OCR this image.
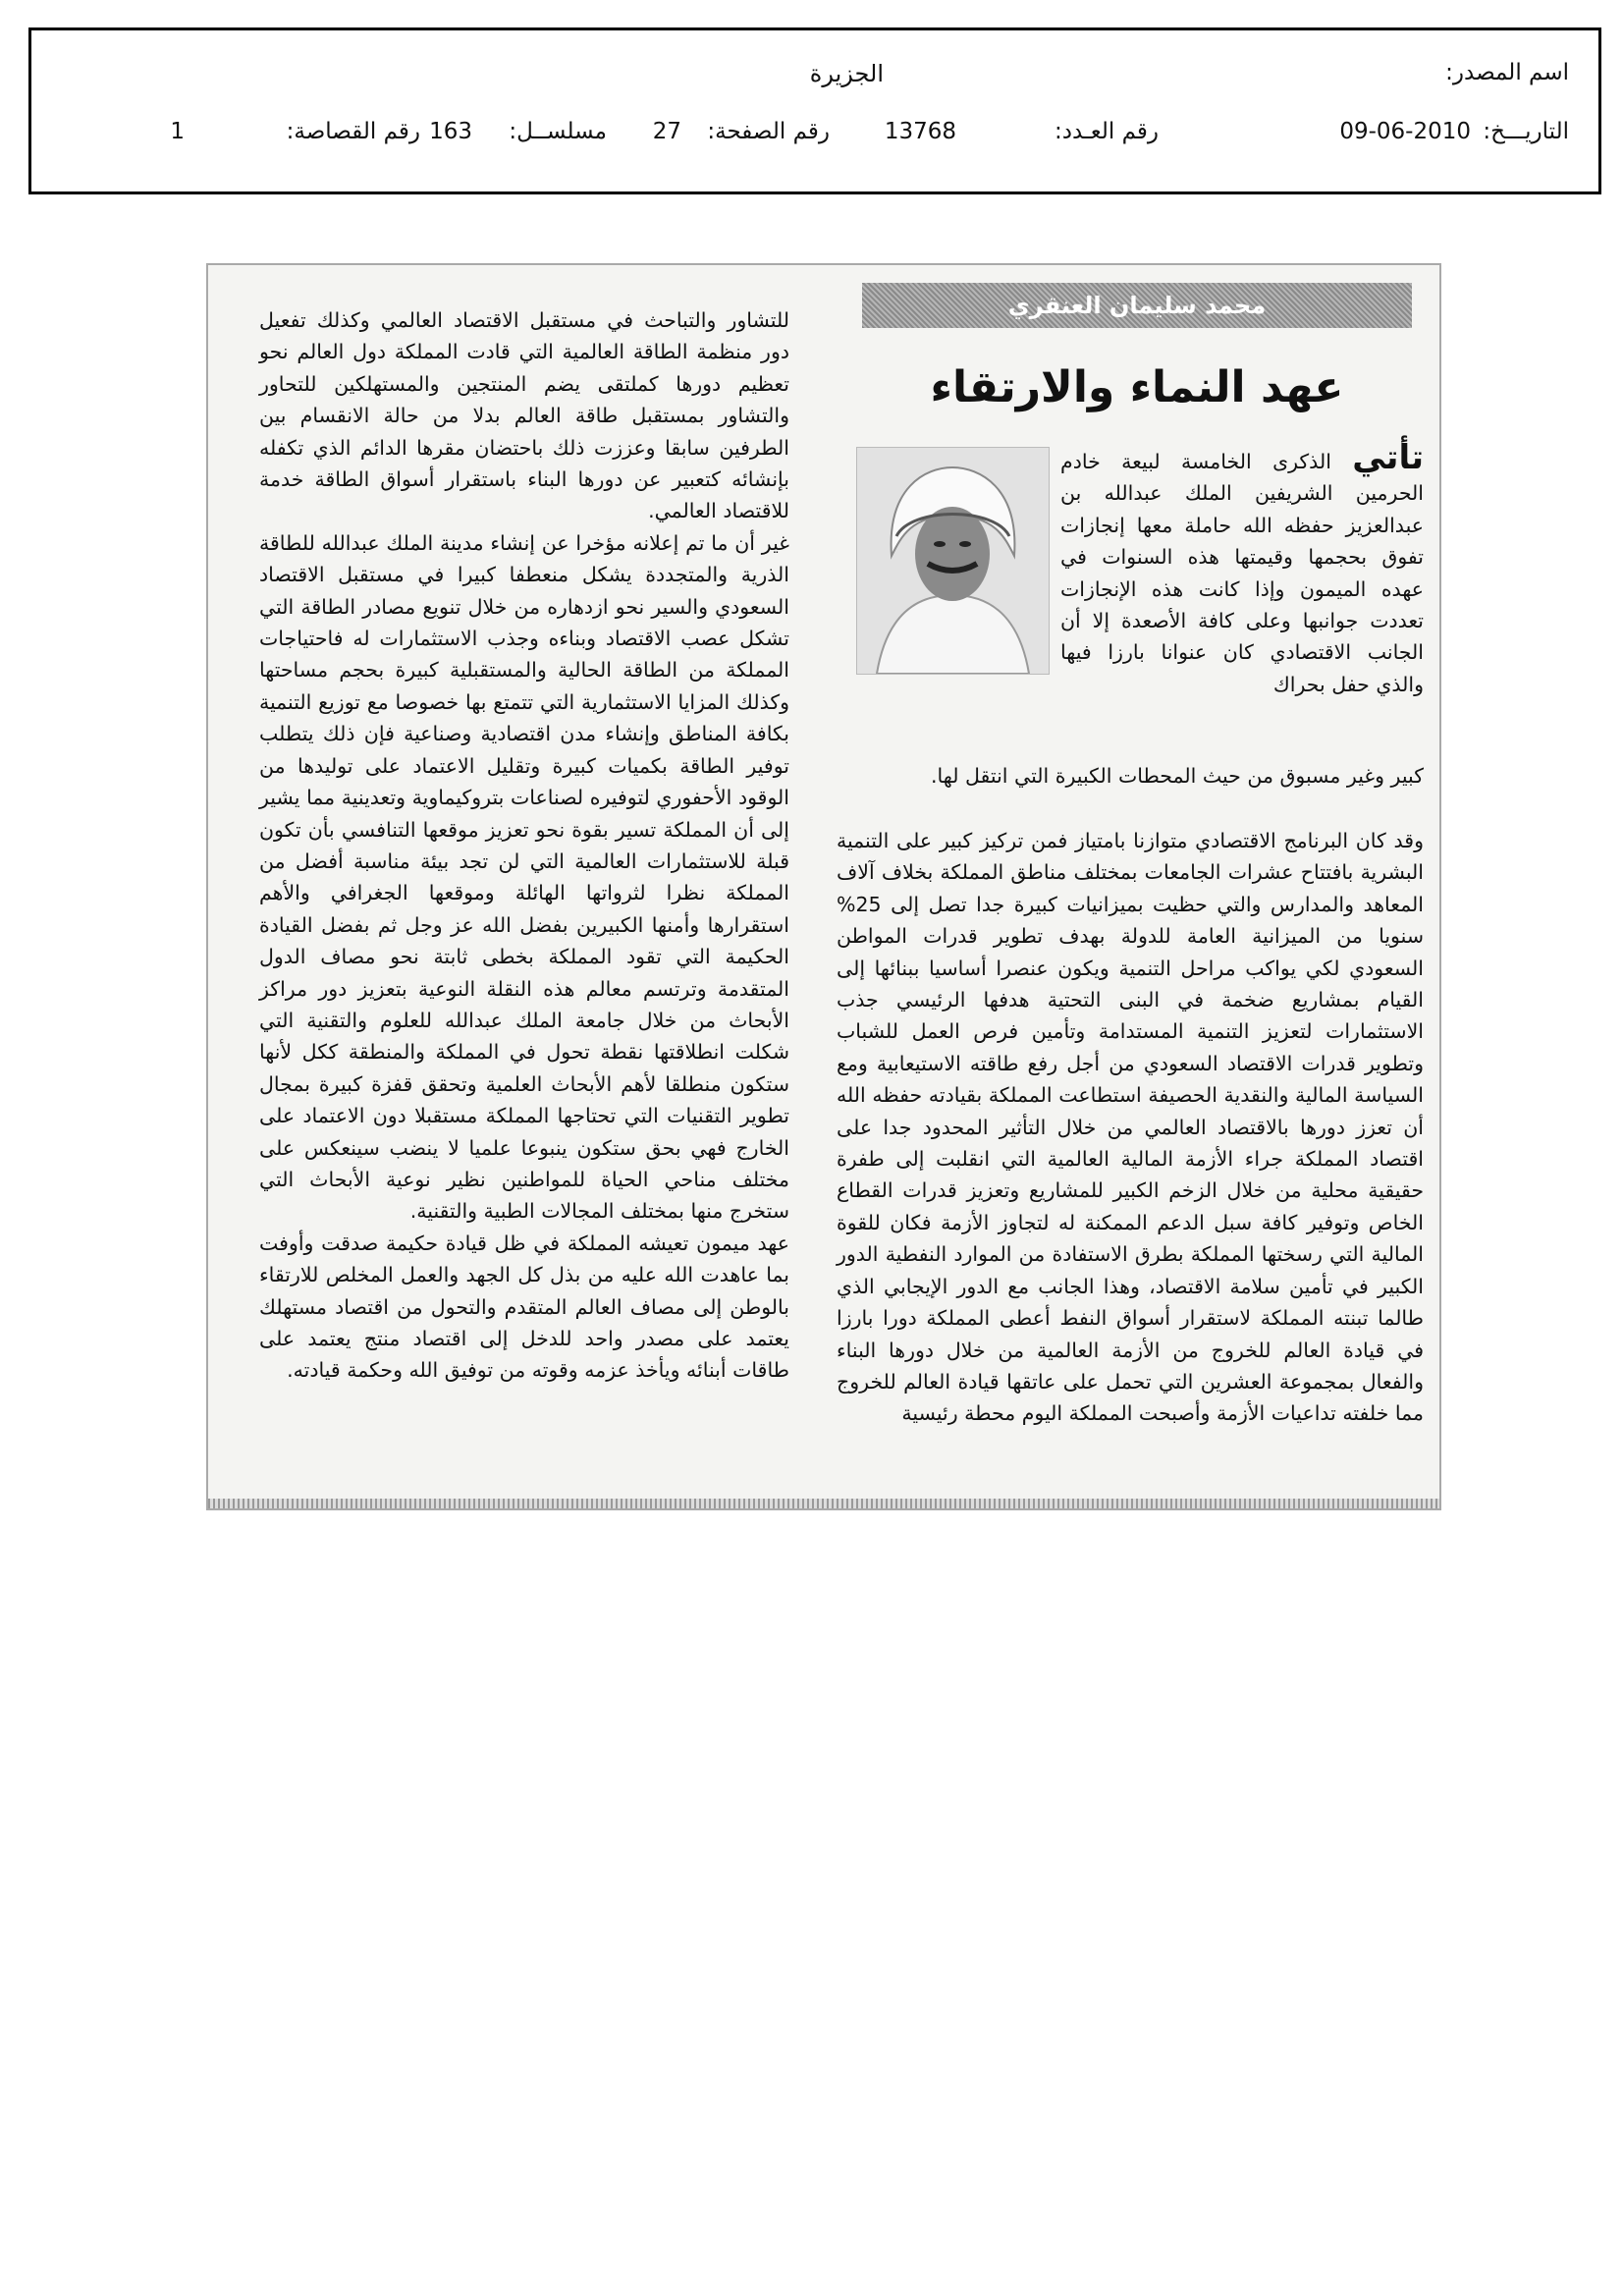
اسم المصدر:
الجزيرة
التاريـــخ:
09-06-2010
رقم العـدد:
13768
رقم الصفحة:
27
مسلســل:
163
رقم القصاصة:
1
محمد سليمان العنقري
عهد النماء والارتقاء
تأتي الذكرى الخامسة لبيعة خادم الحرمين الشريفين الملك عبدالله بن عبدالعزيز حفظه الله حاملة معها إنجازات تفوق بحجمها وقيمتها هذه السنوات في عهده الميمون وإذا كانت هذه الإنجازات تعددت جوانبها وعلى كافة الأصعدة إلا أن الجانب الاقتصادي كان عنوانا بارزا فيها والذي حفل بحراك
كبير وغير مسبوق من حيث المحطات الكبيرة التي انتقل لها.

وقد كان البرنامج الاقتصادي متوازنا بامتياز فمن تركيز كبير على التنمية البشرية بافتتاح عشرات الجامعات بمختلف مناطق المملكة بخلاف آلاف المعاهد والمدارس والتي حظيت بميزانيات كبيرة جدا تصل إلى 25% سنويا من الميزانية العامة للدولة بهدف تطوير قدرات المواطن السعودي لكي يواكب مراحل التنمية ويكون عنصرا أساسيا ببنائها إلى القيام بمشاريع ضخمة في البنى التحتية هدفها الرئيسي جذب الاستثمارات لتعزيز التنمية المستدامة وتأمين فرص العمل للشباب وتطوير قدرات الاقتصاد السعودي من أجل رفع طاقته الاستيعابية ومع السياسة المالية والنقدية الحصيفة استطاعت المملكة بقيادته حفظه الله أن تعزز دورها بالاقتصاد العالمي من خلال التأثير المحدود جدا على اقتصاد المملكة جراء الأزمة المالية العالمية التي انقلبت إلى طفرة حقيقية محلية من خلال الزخم الكبير للمشاريع وتعزيز قدرات القطاع الخاص وتوفير كافة سبل الدعم الممكنة له لتجاوز الأزمة فكان للقوة المالية التي رسختها المملكة بطرق الاستفادة من الموارد النفطية الدور الكبير في تأمين سلامة الاقتصاد، وهذا الجانب مع الدور الإيجابي الذي طالما تبنته المملكة لاستقرار أسواق النفط أعطى المملكة دورا بارزا في قيادة العالم للخروج من الأزمة العالمية من خلال دورها البناء والفعال بمجموعة العشرين التي تحمل على عاتقها قيادة العالم للخروج مما خلفته تداعيات الأزمة وأصبحت المملكة اليوم محطة رئيسية

للتشاور والتباحث في مستقبل الاقتصاد العالمي وكذلك تفعيل دور منظمة الطاقة العالمية التي قادت المملكة دول العالم نحو تعظيم دورها كملتقى يضم المنتجين والمستهلكين للتحاور والتشاور بمستقبل طاقة العالم بدلا من حالة الانقسام بين الطرفين سابقا وعززت ذلك باحتضان مقرها الدائم الذي تكفله بإنشائه كتعبير عن دورها البناء باستقرار أسواق الطاقة خدمة للاقتصاد العالمي.

غير أن ما تم إعلانه مؤخرا عن إنشاء مدينة الملك عبدالله للطاقة الذرية والمتجددة يشكل منعطفا كبيرا في مستقبل الاقتصاد السعودي والسير نحو ازدهاره من خلال تنويع مصادر الطاقة التي تشكل عصب الاقتصاد وبناءه وجذب الاستثمارات له فاحتياجات المملكة من الطاقة الحالية والمستقبلية كبيرة بحجم مساحتها وكذلك المزايا الاستثمارية التي تتمتع بها خصوصا مع توزيع التنمية بكافة المناطق وإنشاء مدن اقتصادية وصناعية فإن ذلك يتطلب توفير الطاقة بكميات كبيرة وتقليل الاعتماد على توليدها من الوقود الأحفوري لتوفيره لصناعات بتروكيماوية وتعدينية مما يشير إلى أن المملكة تسير بقوة نحو تعزيز موقعها التنافسي بأن تكون قبلة للاستثمارات العالمية التي لن تجد بيئة مناسبة أفضل من المملكة نظرا لثرواتها الهائلة وموقعها الجغرافي والأهم استقرارها وأمنها الكبيرين بفضل الله عز وجل ثم بفضل القيادة الحكيمة التي تقود المملكة بخطى ثابتة نحو مصاف الدول المتقدمة وترتسم معالم هذه النقلة النوعية بتعزيز دور مراكز الأبحاث من خلال جامعة الملك عبدالله للعلوم والتقنية التي شكلت انطلاقتها نقطة تحول في المملكة والمنطقة ككل لأنها ستكون منطلقا لأهم الأبحاث العلمية وتحقق قفزة كبيرة بمجال تطوير التقنيات التي تحتاجها المملكة مستقبلا دون الاعتماد على الخارج فهي بحق ستكون ينبوعا علميا لا ينضب سينعكس على مختلف مناحي الحياة للمواطنين نظير نوعية الأبحاث التي ستخرج منها بمختلف المجالات الطبية والتقنية.

عهد ميمون تعيشه المملكة في ظل قيادة حكيمة صدقت وأوفت بما عاهدت الله عليه من بذل كل الجهد والعمل المخلص للارتقاء بالوطن إلى مصاف العالم المتقدم والتحول من اقتصاد مستهلك يعتمد على مصدر واحد للدخل إلى اقتصاد منتج يعتمد على طاقات أبنائه ويأخذ عزمه وقوته من توفيق الله وحكمة قيادته.
